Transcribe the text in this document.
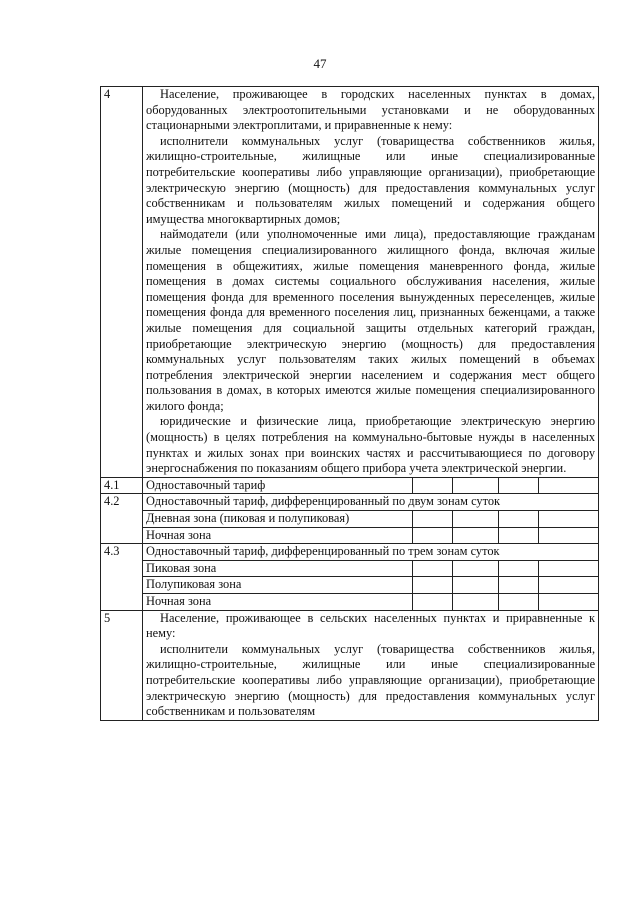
47
4	Население, проживающее в городских населенных пунктах в домах, оборудованных электроотопительными установками и не оборудованных стационарными электроплитами, и приравненные к нему:

исполнители коммунальных услуг (товарищества собственников жилья, жилищно-строительные, жилищные или иные специализированные потребительские кооперативы либо управляющие организации), приобретающие электрическую энергию (мощность) для предоставления коммунальных услуг собственникам и пользователям жилых помещений и содержания общего имущества многоквартирных домов;

наймодатели (или уполномоченные ими лица), предоставляющие гражданам жилые помещения специализированного жилищного фонда, включая жилые помещения в общежитиях, жилые помещения маневренного фонда, жилые помещения в домах системы социального обслуживания населения, жилые помещения фонда для временного поселения вынужденных переселенцев, жилые помещения фонда для временного поселения лиц, признанных беженцами, а также жилые помещения для социальной защиты отдельных категорий граждан, приобретающие электрическую энергию (мощность) для предоставления коммунальных услуг пользователям таких жилых помещений в объемах потребления электрической энергии населением и содержания мест общего пользования в домах, в которых имеются жилые помещения специализированного жилого фонда;

юридические и физические лица, приобретающие электрическую энергию (мощность) в целях потребления на коммунально-бытовые нужды в населенных пунктах и жилых зонах при воинских частях и рассчитывающиеся по договору энергоснабжения по показаниям общего прибора учета электрической энергии.				

4.1	Одноставочный тариф				
4.2	Одноставочный тариф, дифференцированный по двум зонам суток				
	Дневная зона (пиковая и полупиковая)				
	Ночная зона				
4.3	Одноставочный тариф, дифференцированный по трем зонам суток				
	Пиковая зона				
	Полупиковая зона				
	Ночная зона				
5	Население, проживающее в сельских населенных пунктах и приравненные к нему:

исполнители коммунальных услуг (товарищества собственников жилья, жилищно-строительные, жилищные или иные специализированные потребительские кооперативы либо управляющие организации), приобретающие электрическую энергию (мощность) для предоставления коммунальных услуг собственникам и пользователям				
